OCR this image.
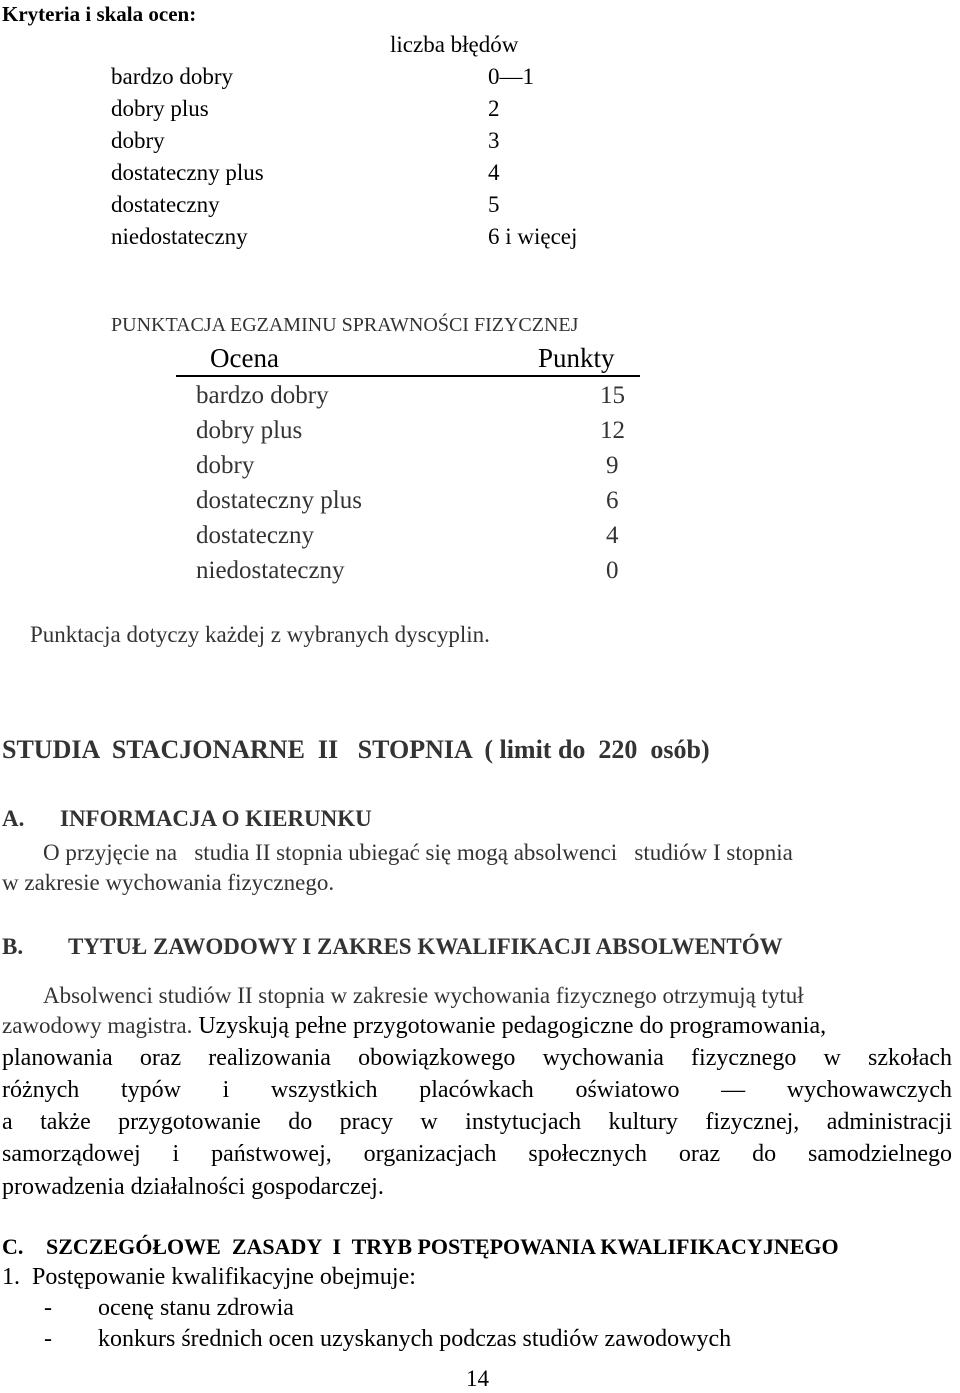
Kryteria i skala ocen:
liczba błędów
bardzo dobry	0—1
dobry plus	2
dobry	3
dostateczny plus	4
dostateczny	5
niedostateczny	6 i więcej
PUNKTACJA EGZAMINU SPRAWNOŚCI FIZYCZNEJ
Ocena	Punkty
bardzo dobry	15
dobry plus	12
dobry	9
dostateczny plus	6
dostateczny	4
niedostateczny	0
Punktacja dotyczy każdej z wybranych dyscyplin.
STUDIA  STACJONARNE  II   STOPNIA  ( limit do  220  osób)
A. INFORMACJA O KIERUNKU
O przyjęcie na   studia II stopnia ubiegać się mogą absolwenci   studiów I stopnia
w zakresie wychowania fizycznego.
B. TYTUŁ ZAWODOWY I ZAKRES KWALIFIKACJI ABSOLWENTÓW
Absolwenci studiów II stopnia w zakresie wychowania fizycznego otrzymują tytuł
zawodowy magistra. Uzyskują pełne przygotowanie pedagogiczne do programowania,
planowania oraz realizowania obowiązkowego wychowania fizycznego w szkołach
różnych typów i wszystkich placówkach oświatowo — wychowawczych
a także przygotowanie do pracy w instytucjach kultury fizycznej, administracji
samorządowej i państwowej, organizacjach społecznych oraz do samodzielnego
prowadzenia działalności gospodarczej.
C. SZCZEGÓŁOWE  ZASADY  I  TRYB POSTĘPOWANIA KWALIFIKACYJNEGO
1.  Postępowanie kwalifikacyjne obejmuje:
- ocenę stanu zdrowia
- konkurs średnich ocen uzyskanych podczas studiów zawodowych
14
